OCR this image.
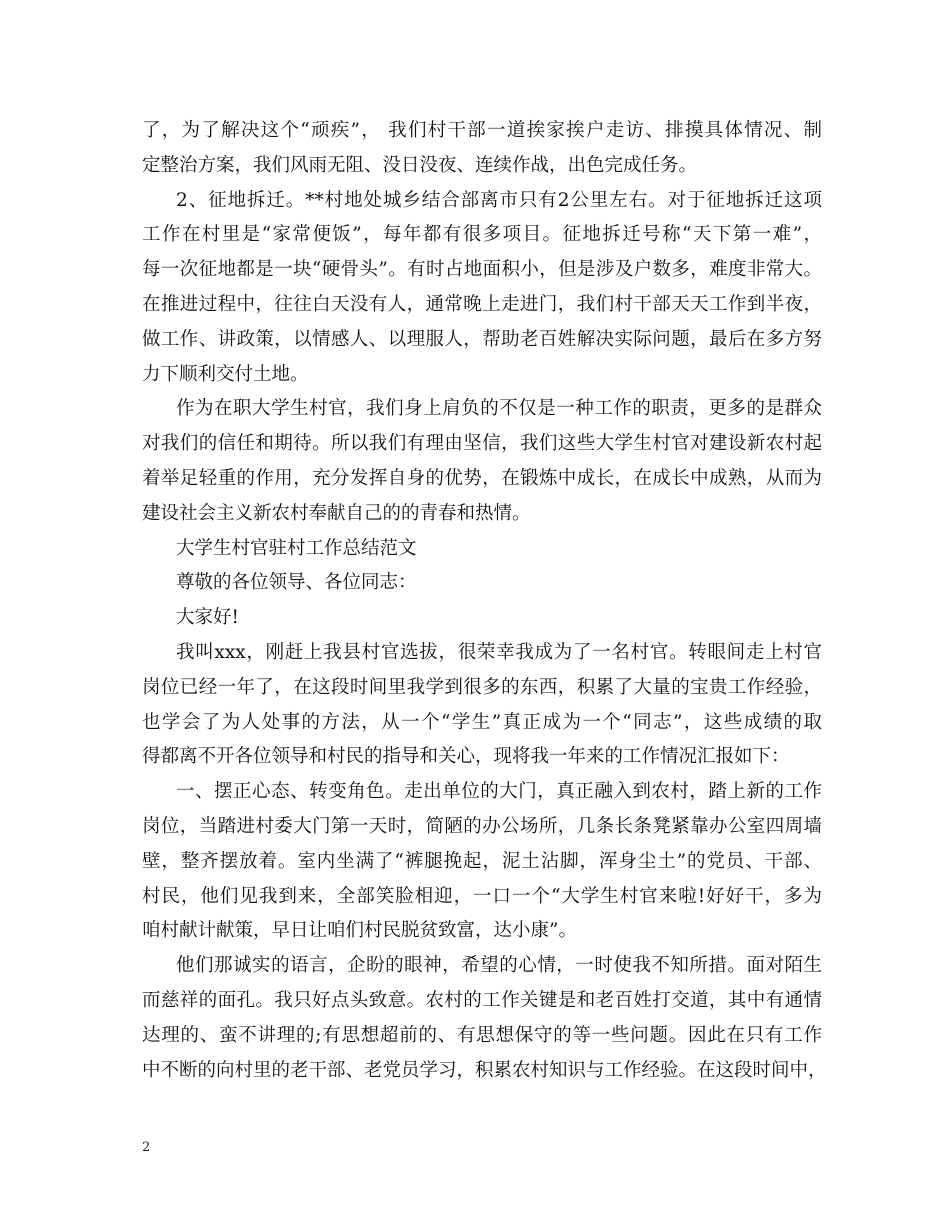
了，为了解决这个“顽疾”， 我们村干部一道挨家挨户走访、排摸具体情况、制
定整治方案，我们风雨无阻、没日没夜、连续作战，出色完成任务。
2、征地拆迁。**村地处城乡结合部离市只有2公里左右。对于征地拆迁这项
工作在村里是“家常便饭”，每年都有很多项目。征地拆迁号称“天下第一难”，
每一次征地都是一块“硬骨头”。有时占地面积小，但是涉及户数多，难度非常大。
在推进过程中，往往白天没有人，通常晚上走进门，我们村干部天天工作到半夜，
做工作、讲政策，以情感人、以理服人，帮助老百姓解决实际问题，最后在多方努
力下顺利交付土地。
作为在职大学生村官，我们身上肩负的不仅是一种工作的职责，更多的是群众
对我们的信任和期待。所以我们有理由坚信，我们这些大学生村官对建设新农村起
着举足轻重的作用，充分发挥自身的优势，在锻炼中成长，在成长中成熟，从而为
建设社会主义新农村奉献自己的的青春和热情。
大学生村官驻村工作总结范文
尊敬的各位领导、各位同志：
大家好!
我叫xxx，刚赶上我县村官选拔，很荣幸我成为了一名村官。转眼间走上村官
岗位已经一年了，在这段时间里我学到很多的东西，积累了大量的宝贵工作经验，
也学会了为人处事的方法，从一个“学生”真正成为一个“同志”，这些成绩的取
得都离不开各位领导和村民的指导和关心，现将我一年来的工作情况汇报如下：
一、摆正心态、转变角色。走出单位的大门，真正融入到农村，踏上新的工作
岗位，当踏进村委大门第一天时，简陋的办公场所，几条长条凳紧靠办公室四周墙
壁，整齐摆放着。室内坐满了“裤腿挽起，泥土沾脚，浑身尘土”的党员、干部、
村民，他们见我到来，全部笑脸相迎，一口一个“大学生村官来啦!好好干，多为
咱村献计献策，早日让咱们村民脱贫致富，达小康”。
他们那诚实的语言，企盼的眼神，希望的心情，一时使我不知所措。面对陌生
而慈祥的面孔。我只好点头致意。农村的工作关键是和老百姓打交道，其中有通情
达理的、蛮不讲理的;有思想超前的、有思想保守的等一些问题。因此在只有工作
中不断的向村里的老干部、老党员学习，积累农村知识与工作经验。在这段时间中，
2
